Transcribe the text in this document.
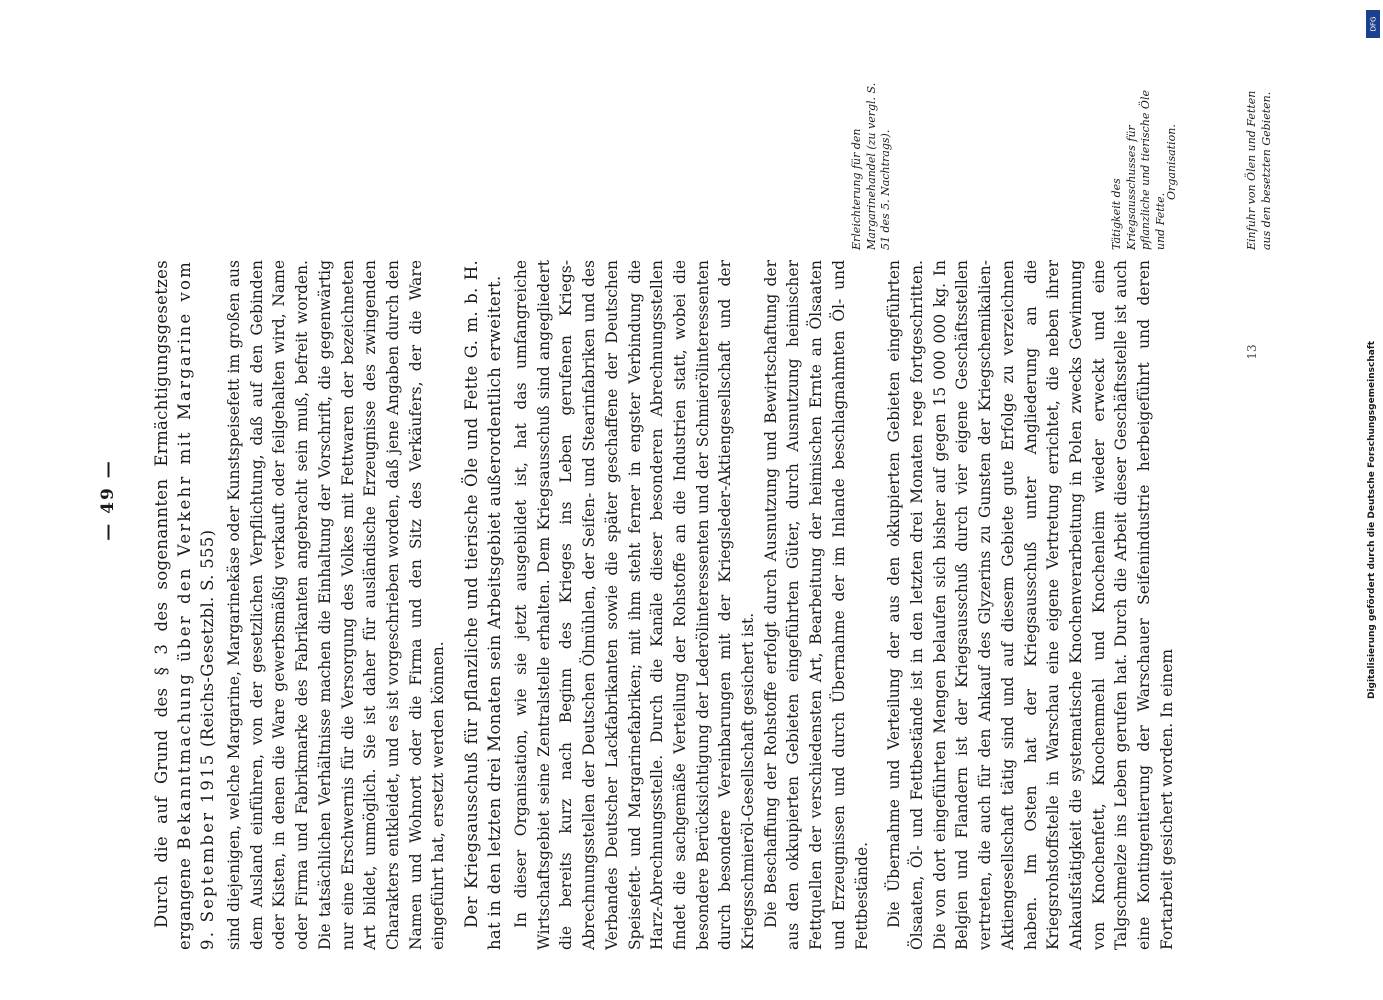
— 49 — Durch die auf Grund des § 3 des sogenannten Ermächtigungsgesetzes ergangene Bekanntmachung über den Verkehr mit Margarine vom 9. September 1915 (Reichs-Gesetzbl. S. 555) sind diejenigen, welche Margarine, Margarinekäse oder Kunstspeisefett im großen aus dem Ausland einführen, von der gesetzlichen Verpflichtung, daß auf den Gebinden oder Kisten, in denen die Ware gewerbsmäßig verkauft oder feilgehalten wird, Name oder Firma und Fabrikmarke des Fabrikanten angebracht sein muß, befreit worden. Die tatsächlichen Verhältnisse machen die Einhaltung der Vorschrift, die gegenwärtig nur eine Erschwernis für die Versorgung des Volkes mit Fettwaren der bezeichneten Art bildet, unmöglich. Sie ist daher für ausländische Erzeugnisse des zwingenden Charakters entkleidet, und es ist vorgeschrieben worden, daß jene Angaben durch den Namen und Wohnort oder die Firma und den Sitz des Verkäufers, der die Ware eingeführt hat, ersetzt werden können. Der Kriegsausschuß für pflanzliche und tierische Öle und Fette G. m. b. H. hat in den letzten drei Monaten sein Arbeitsgebiet außerordentlich erweitert. In dieser Organisation, wie sie jetzt ausgebildet ist, hat das umfangreiche Wirtschaftsgebiet seine Zentralstelle erhalten. Dem Kriegsausschuß sind angegliedert die bereits kurz nach Beginn des Krieges ins Leben gerufenen Kriegs-Abrechnungsstellen der Deutschen Ölmühlen, der Seifen- und Stearinfabriken und des Verbandes Deutscher Lackfabrikanten sowie die später geschaffene der Deutschen Speisefett- und Margarinefabriken; mit ihm steht ferner in engster Verbindung die Harz-Abrechnungsstelle. Durch die Kanäle dieser besonderen Abrechnungsstellen findet die sachgemäße Verteilung der Rohstoffe an die Industrien statt, wobei die besondere Berücksichtigung der Lederölinteressenten und der Schmierölinteressenten durch besondere Vereinbarungen mit der Kriegsleder-Aktiengesellschaft und der Kriegsschmieröl-Gesellschaft gesichert ist. Die Beschaffung der Rohstoffe erfolgt durch Ausnutzung und Bewirtschaftung der aus den okkupierten Gebieten eingeführten Güter, durch Ausnutzung heimischer Fettquellen der verschiedensten Art, Bearbeitung der heimischen Ernte an Ölsaaten und Erzeugnissen und durch Übernahme der im Inlande beschlagnahmten Öl- und Fettbestände. Die Übernahme und Verteilung der aus den okkupierten Gebieten eingeführten Ölsaaten, Öl- und Fettbestände ist in den letzten drei Monaten rege fortgeschritten. Die von dort eingeführten Mengen belaufen sich bisher auf gegen 15 000 000 kg. In Belgien und Flandern ist der Kriegsausschuß durch vier eigene Geschäftsstellen vertreten, die auch für den Ankauf des Glyzerins zu Gunsten der Kriegschemikalien-Aktiengesellschaft tätig sind und auf diesem Gebiete gute Erfolge zu verzeichnen haben. Im Osten hat der Kriegsausschuß unter Angliederung an die Kriegsrohstoffstelle in Warschau eine eigene Vertretung errichtet, die neben ihrer Ankaufstätigkeit die systematische Knochenverarbeitung in Polen zwecks Gewinnung von Knochenfett, Knochenmehl und Knochenleim wieder erweckt und eine Talgschmelze ins Leben gerufen hat. Durch die Arbeit dieser Geschäftsstelle ist auch eine Kontingentierung der Warschauer Seifenindustrie herbeigeführt und deren Fortarbeit gesichert worden. In einem

Erleichterung für den Margarinehandel (zu vergl. S. 51 des 5. Nachtrags).	Tätigkeit des Kriegsausschusses für pflanzliche und tierische Öle und Fette.
Organisation.	Einfuhr von Ölen und Fetten aus den besetzten Gebieten.
13
DFG
Digitalisierung gefördert durch die Deutsche Forschungsgemeinschaft
